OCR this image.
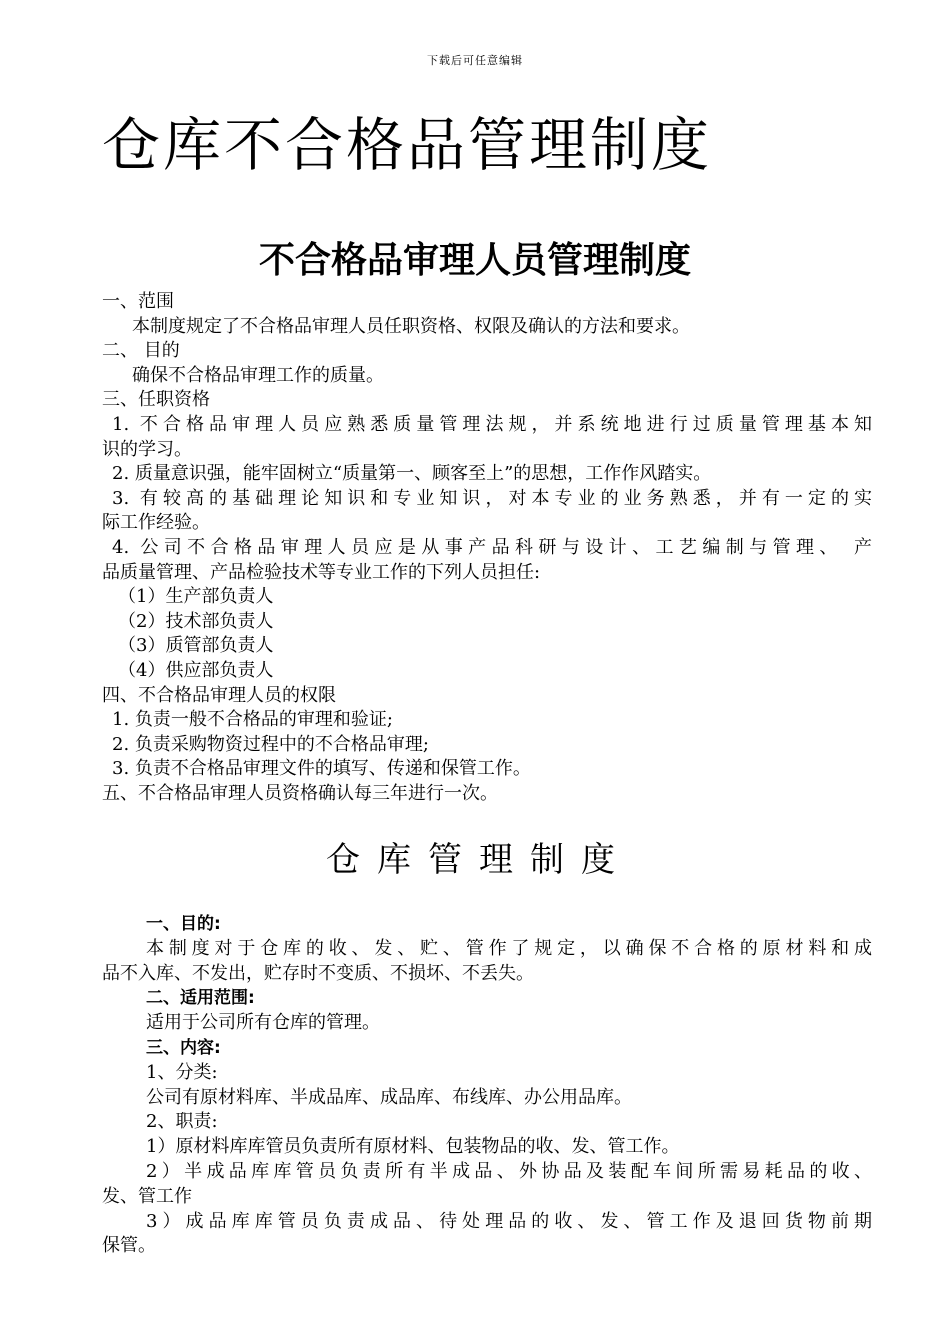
下载后可任意编辑
仓库不合格品管理制度
不合格品审理人员管理制度
一、范围
本制度规定了不合格品审理人员任职资格、权限及确认的方法和要求。
二、 目的
确保不合格品审理工作的质量。
三、任职资格
1. 不合格品审理人员应熟悉质量管理法规，并系统地进行过质量管理基本知
识的学习。
2. 质量意识强，能牢固树立“质量第一、顾客至上”的思想，工作作风踏实。
3. 有较高的基础理论知识和专业知识，对本专业的业务熟悉，并有一定的实
际工作经验。
4. 公司不合格品审理人员应是从事产品科研与设计、工艺编制与管理、 产
品质量管理、产品检验技术等专业工作的下列人员担任:
（1）生产部负责人
（2）技术部负责人
（3）质管部负责人
（4）供应部负责人
四、不合格品审理人员的权限
1. 负责一般不合格品的审理和验证;
2. 负责采购物资过程中的不合格品审理;
3. 负责不合格品审理文件的填写、传递和保管工作。
五、不合格品审理人员资格确认每三年进行一次。
仓库管理制度
一、目的:
本制度对于仓库的收、发、贮、管作了规定，以确保不合格的原材料和成
品不入库、不发出，贮存时不变质、不损坏、不丢失。
二、适用范围:
适用于公司所有仓库的管理。
三、内容:
1、分类:
公司有原材料库、半成品库、成品库、布线库、办公用品库。
2、职责:
1）原材料库库管员负责所有原材料、包装物品的收、发、管工作。
2）半成品库库管员负责所有半成品、外协品及装配车间所需易耗品的收、
发、管工作
3）成品库库管员负责成品、待处理品的收、发、管工作及退回货物前期
保管。
